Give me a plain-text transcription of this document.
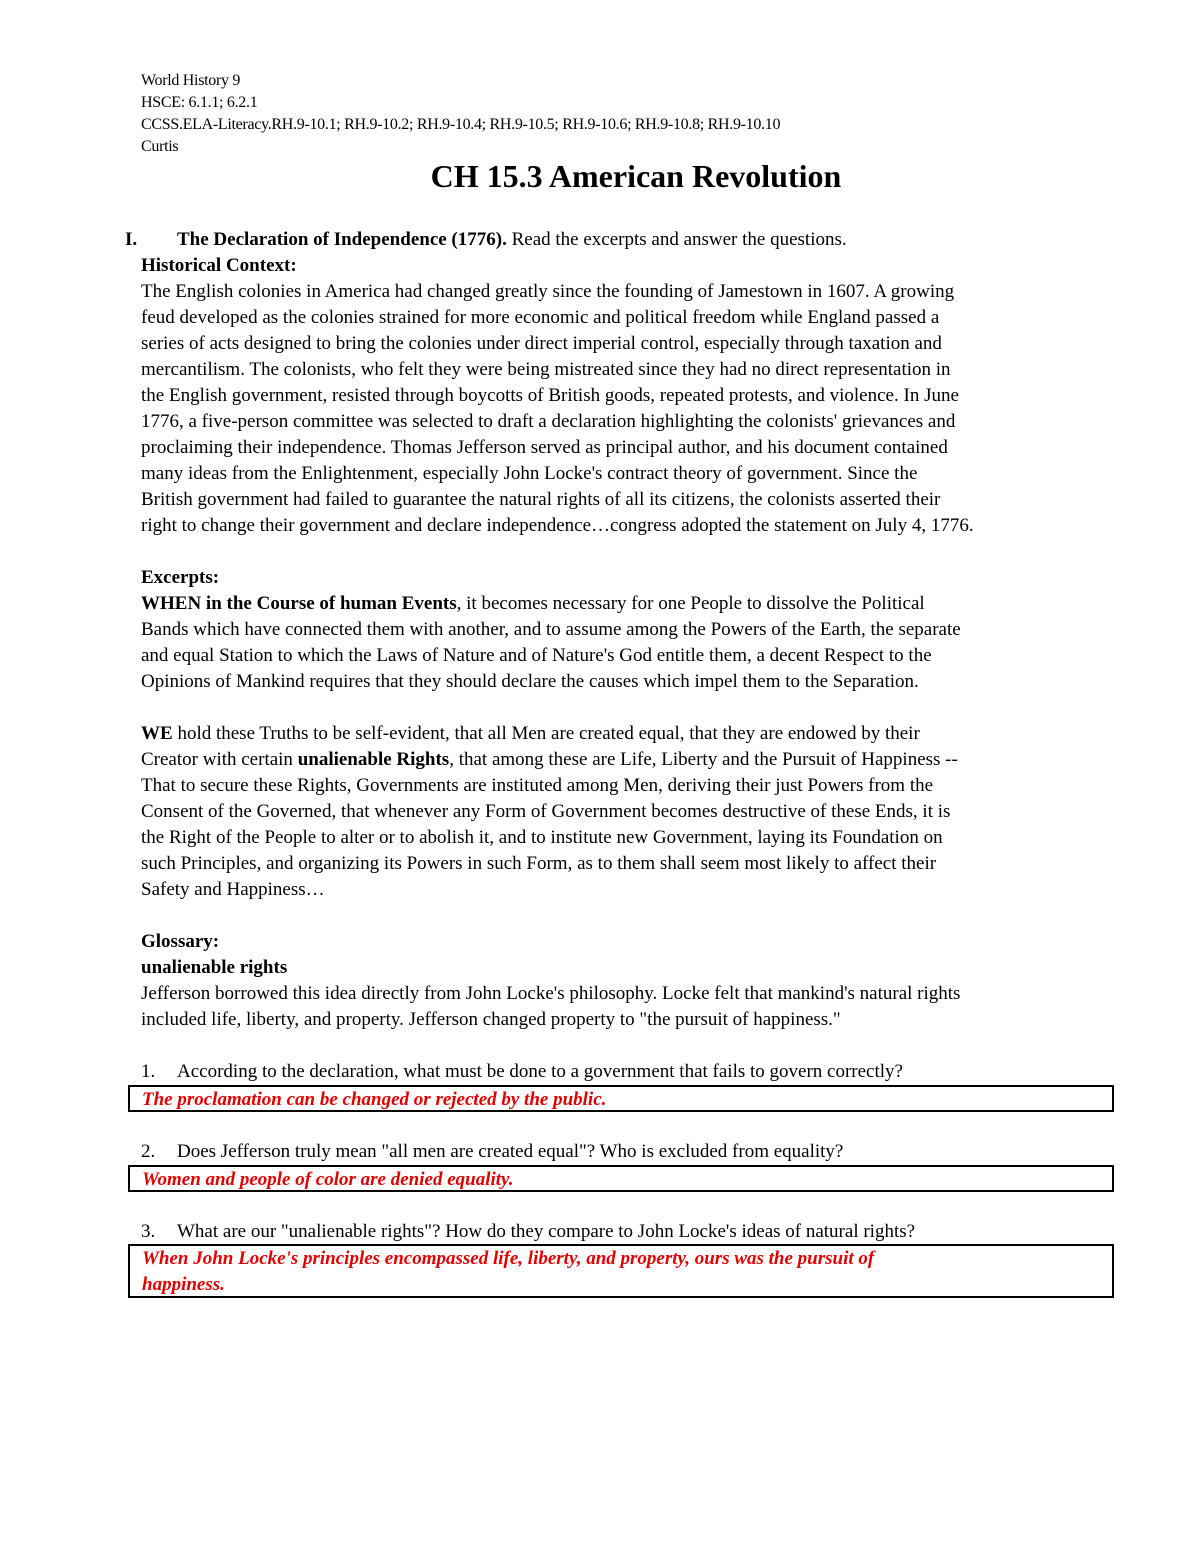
World History 9
HSCE: 6.1.1; 6.2.1
CCSS.ELA-Literacy.RH.9-10.1; RH.9-10.2; RH.9-10.4; RH.9-10.5; RH.9-10.6; RH.9-10.8; RH.9-10.10
Curtis
CH 15.3 American Revolution
I. The Declaration of Independence (1776). Read the excerpts and answer the questions.
Historical Context:
The English colonies in America had changed greatly since the founding of Jamestown in 1607. A growing
feud developed as the colonies strained for more economic and political freedom while England passed a
series of acts designed to bring the colonies under direct imperial control, especially through taxation and
mercantilism. The colonists, who felt they were being mistreated since they had no direct representation in
the English government, resisted through boycotts of British goods, repeated protests, and violence. In June
1776, a five-person committee was selected to draft a declaration highlighting the colonists' grievances and
proclaiming their independence. Thomas Jefferson served as principal author, and his document contained
many ideas from the Enlightenment, especially John Locke's contract theory of government. Since the
British government had failed to guarantee the natural rights of all its citizens, the colonists asserted their
right to change their government and declare independence…congress adopted the statement on July 4, 1776.
Excerpts:
WHEN in the Course of human Events, it becomes necessary for one People to dissolve the Political
Bands which have connected them with another, and to assume among the Powers of the Earth, the separate
and equal Station to which the Laws of Nature and of Nature's God entitle them, a decent Respect to the
Opinions of Mankind requires that they should declare the causes which impel them to the Separation.
WE hold these Truths to be self-evident, that all Men are created equal, that they are endowed by their
Creator with certain unalienable Rights, that among these are Life, Liberty and the Pursuit of Happiness --
That to secure these Rights, Governments are instituted among Men, deriving their just Powers from the
Consent of the Governed, that whenever any Form of Government becomes destructive of these Ends, it is
the Right of the People to alter or to abolish it, and to institute new Government, laying its Foundation on
such Principles, and organizing its Powers in such Form, as to them shall seem most likely to affect their
Safety and Happiness…
Glossary:
unalienable rights
Jefferson borrowed this idea directly from John Locke's philosophy. Locke felt that mankind's natural rights
included life, liberty, and property. Jefferson changed property to "the pursuit of happiness."
1. According to the declaration, what must be done to a government that fails to govern correctly?
The proclamation can be changed or rejected by the public.
2. Does Jefferson truly mean "all men are created equal"? Who is excluded from equality?
Women and people of color are denied equality.
3. What are our "unalienable rights"? How do they compare to John Locke's ideas of natural rights?
When John Locke's principles encompassed life, liberty, and property, ours was the pursuit of
happiness.
